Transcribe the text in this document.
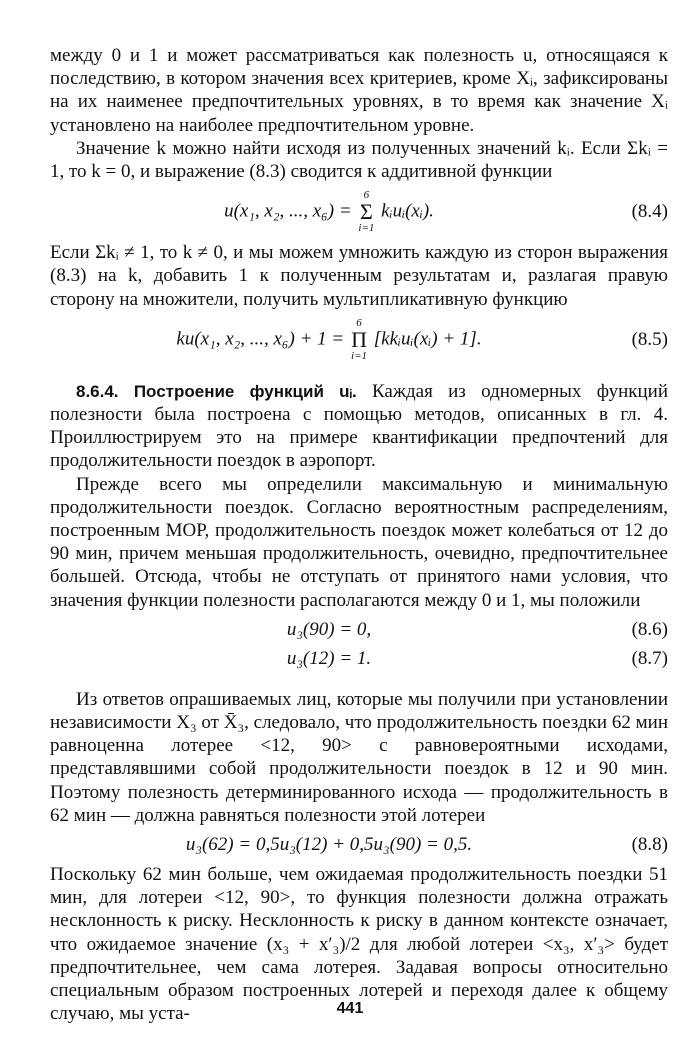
между 0 и 1 и может рассматриваться как полезность u, относящаяся к последствию, в котором значения всех критериев, кроме Xᵢ, зафиксированы на их наименее предпочтительных уровнях, в то время как значение Xᵢ установлено на наиболее предпочтительном уровне.

Значение k можно найти исходя из полученных значений kᵢ. Если Σkᵢ = 1, то k = 0, и выражение (8.3) сводится к аддитивной функции

u(x₁, x₂, ..., x₆) =
6
Σ
i=1
kᵢuᵢ(xᵢ).	(8.4)

Если Σkᵢ ≠ 1, то k ≠ 0, и мы можем умножить каждую из сторон выражения (8.3) на k, добавить 1 к полученным результатам и, разлагая правую сторону на множители, получить мультипликативную функцию

ku(x₁, x₂, ..., x₆) + 1 =
6
Π
i=1
[kkᵢuᵢ(xᵢ) + 1].	(8.5)

8.6.4. Построение функций uᵢ. Каждая из одномерных функций полезности была построена с помощью методов, описанных в гл. 4. Проиллюстрируем это на примере квантификации предпочтений для продолжительности поездок в аэропорт.

Прежде всего мы определили максимальную и минимальную продолжительности поездок. Согласно вероятностным распределениям, построенным МОР, продолжительность поездок может колебаться от 12 до 90 мин, причем меньшая продолжительность, очевидно, предпочтительнее большей. Отсюда, чтобы не отступать от принятого нами условия, что значения функции полезности располагаются между 0 и 1, мы положили

u₃(90) = 0,	(8.6)
u₃(12) = 1.	(8.7)

Из ответов опрашиваемых лиц, которые мы получили при установлении независимости X₃ от X̄₃, следовало, что продолжительность поездки 62 мин равноценна лотерее <12, 90> с равновероятными исходами, представлявшими собой продолжительности поездок в 12 и 90 мин. Поэтому полезность детерминированного исхода — продолжительность в 62 мин — должна равняться полезности этой лотереи

u₃(62) = 0,5u₃(12) + 0,5u₃(90) = 0,5.	(8.8)

Поскольку 62 мин больше, чем ожидаемая продолжительность поездки 51 мин, для лотереи <12, 90>, то функция полезности должна отражать несклонность к риску. Несклонность к риску в данном контексте означает, что ожидаемое значение (x₃ + x′₃)/2 для любой лотереи <x₃, x′₃> будет предпочтительнее, чем сама лотерея. Задавая вопросы относительно специальным образом построенных лотерей и переходя далее к общему случаю, мы уста-	441
